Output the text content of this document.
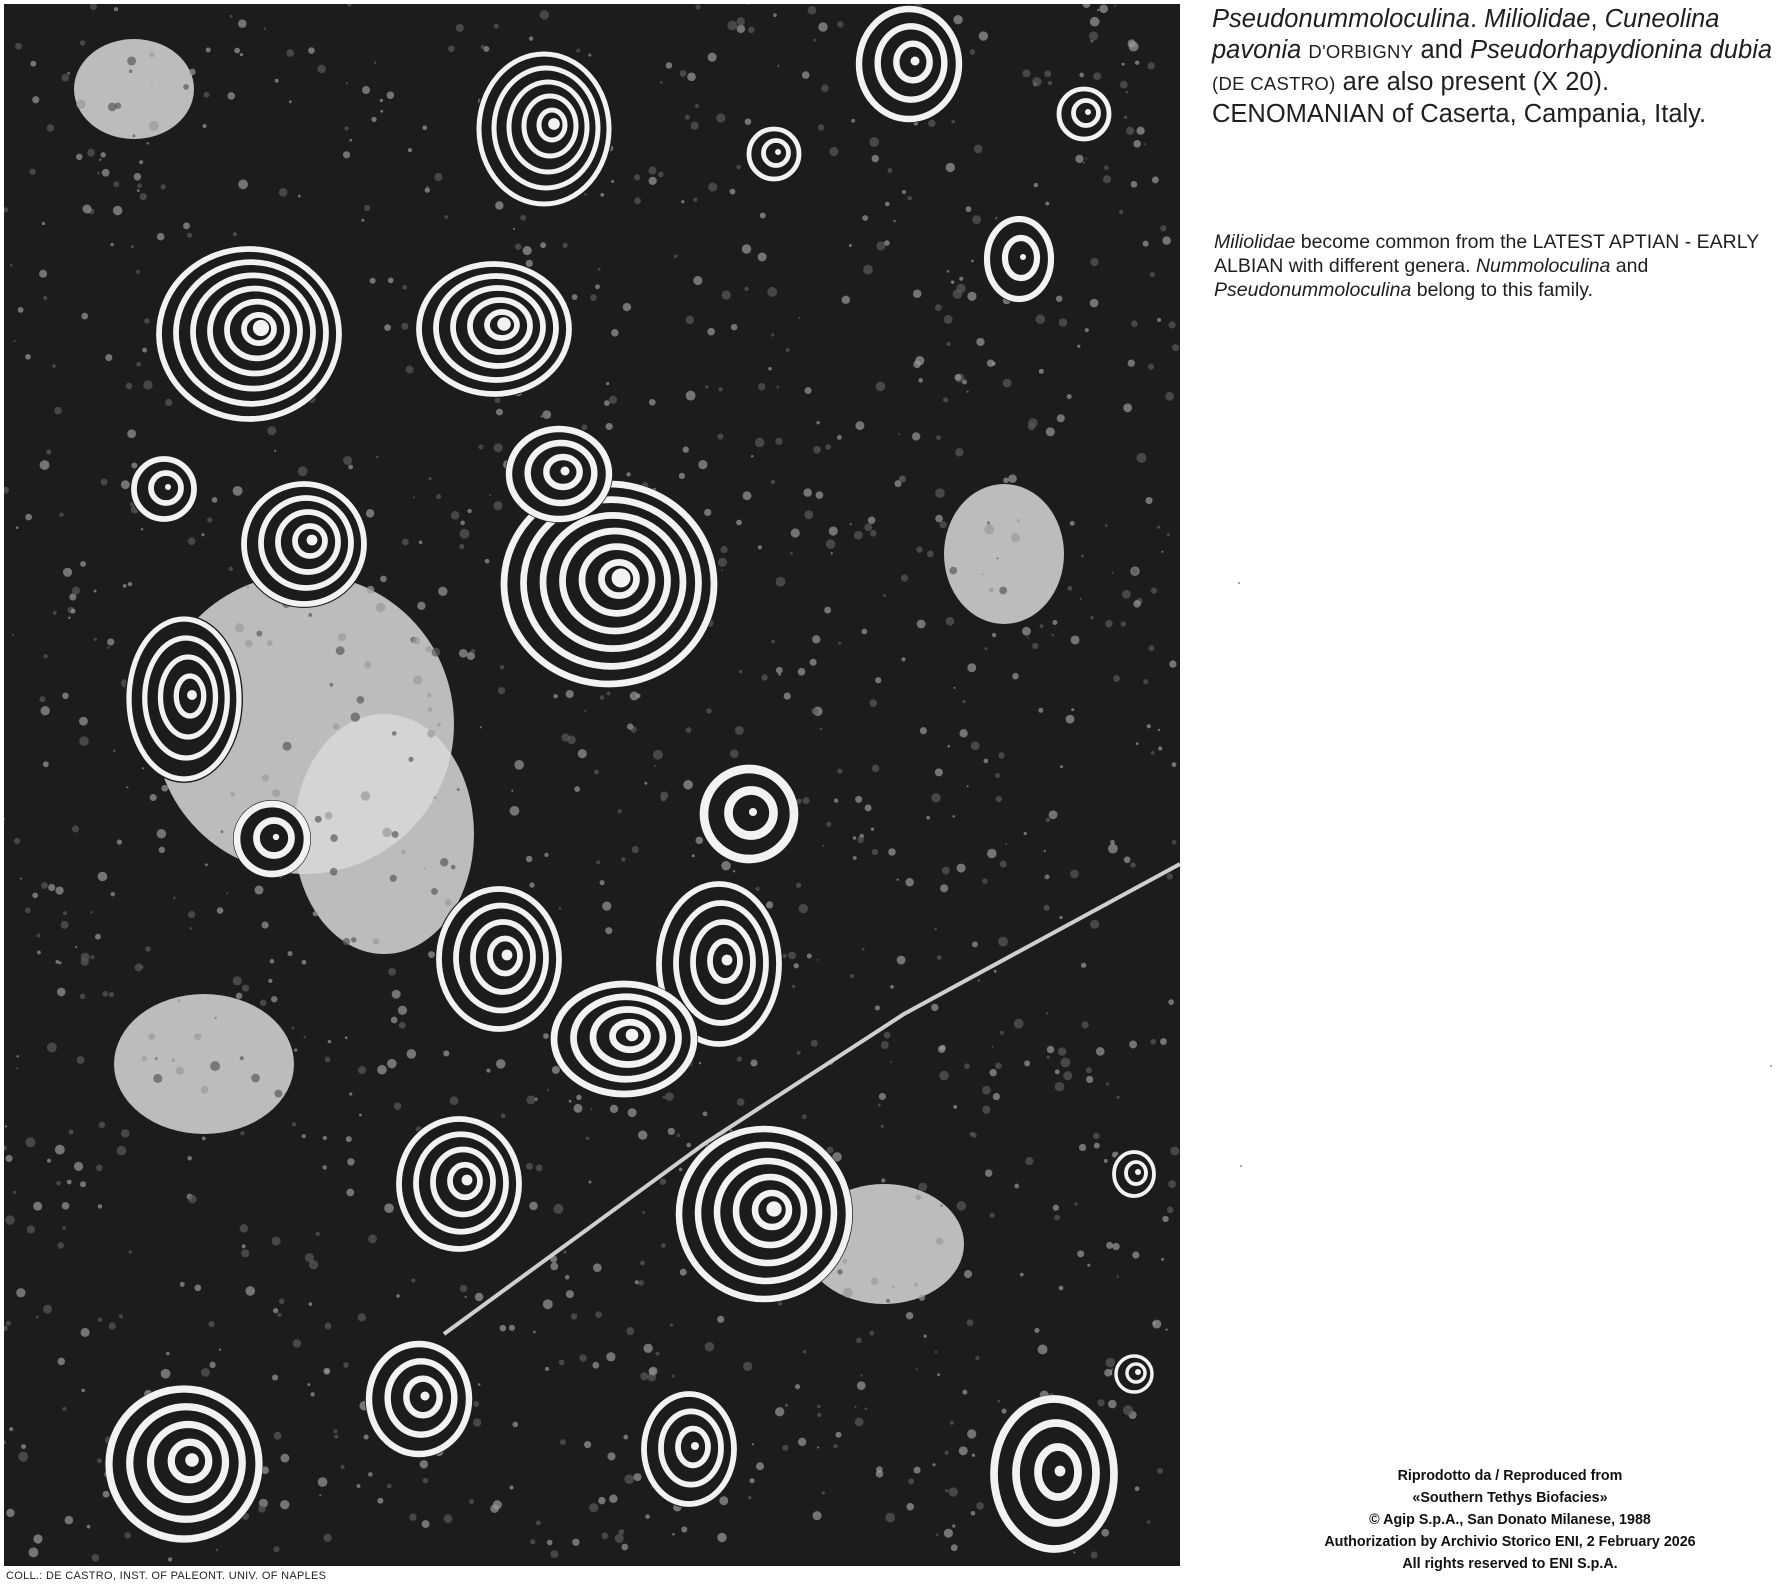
COLL.: DE CASTRO, INST. OF PALEONT. UNIV. OF NAPLES
Pseudonummoloculina. Miliolidae, Cuneolina pavonia D'ORBIGNY and Pseudorhapydionina dubia (DE CASTRO) are also present (X 20).
CENOMANIAN of Caserta, Campania, Italy.
Miliolidae become common from the LATEST APTIAN - EARLY ALBIAN with different genera. Nummoloculina and Pseudonummoloculina belong to this family.
Riprodotto da / Reproduced from
«Southern Tethys Biofacies»
© Agip S.p.A., San Donato Milanese, 1988
Authorization by Archivio Storico ENI, 2 February 2026
All rights reserved to ENI S.p.A.
